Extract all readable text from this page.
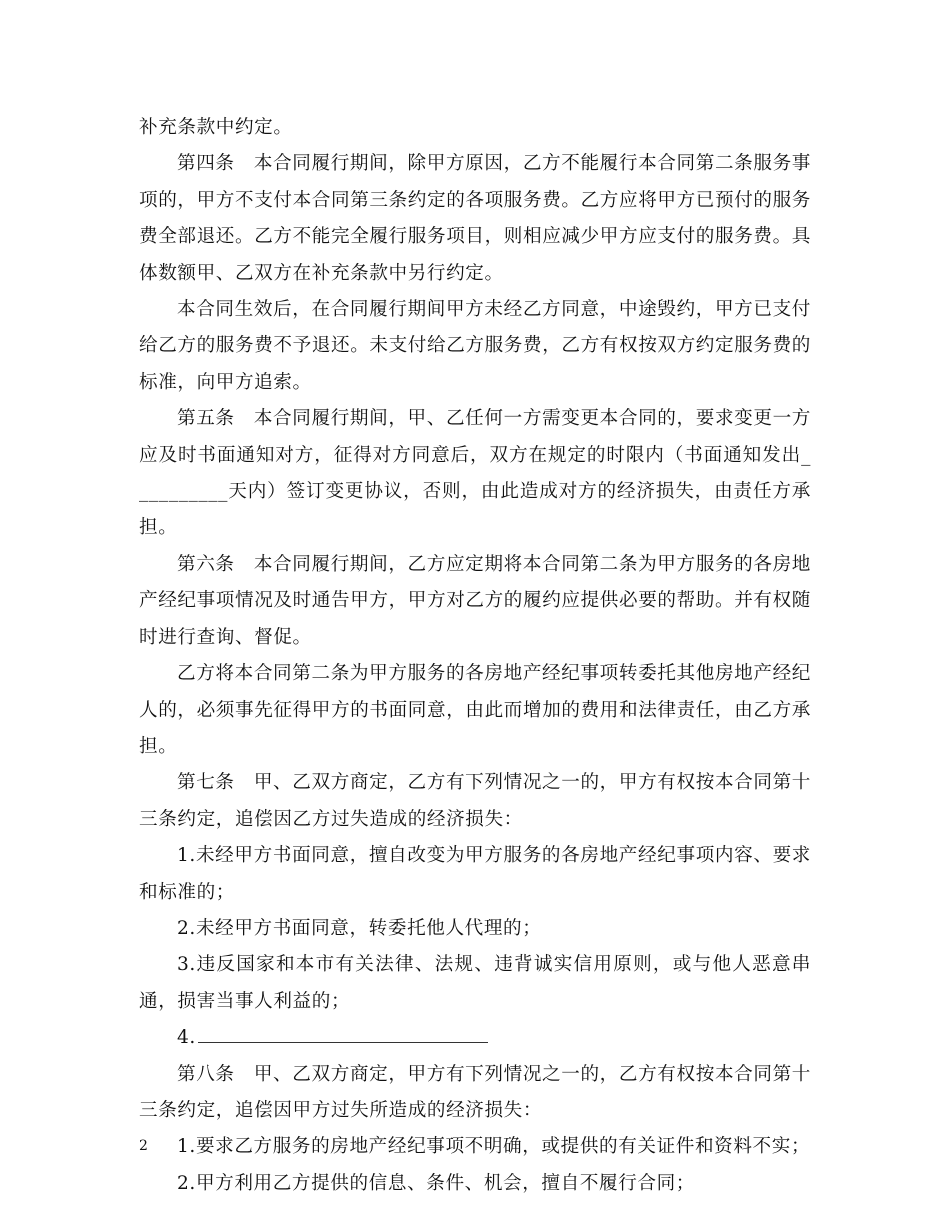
补充条款中约定。

第四条　本合同履行期间，除甲方原因，乙方不能履行本合同第二条服务事项的，甲方不支付本合同第三条约定的各项服务费。乙方应将甲方已预付的服务费全部退还。乙方不能完全履行服务项目，则相应减少甲方应支付的服务费。具体数额甲、乙双方在补充条款中另行约定。

本合同生效后，在合同履行期间甲方未经乙方同意，中途毁约，甲方已支付给乙方的服务费不予退还。未支付给乙方服务费，乙方有权按双方约定服务费的标准，向甲方追索。

第五条　本合同履行期间，甲、乙任何一方需变更本合同的，要求变更一方应及时书面通知对方，征得对方同意后，双方在规定的时限内（书面通知发出__________天内）签订变更协议，否则，由此造成对方的经济损失，由责任方承担。

第六条　本合同履行期间，乙方应定期将本合同第二条为甲方服务的各房地产经纪事项情况及时通告甲方，甲方对乙方的履约应提供必要的帮助。并有权随时进行查询、督促。

乙方将本合同第二条为甲方服务的各房地产经纪事项转委托其他房地产经纪人的，必须事先征得甲方的书面同意，由此而增加的费用和法律责任，由乙方承担。

第七条　甲、乙双方商定，乙方有下列情况之一的，甲方有权按本合同第十三条约定，追偿因乙方过失造成的经济损失：

1.未经甲方书面同意，擅自改变为甲方服务的各房地产经纪事项内容、要求和标准的；

2.未经甲方书面同意，转委托他人代理的；

3.违反国家和本市有关法律、法规、违背诚实信用原则，或与他人恶意串通，损害当事人利益的；

4.

第八条　甲、乙双方商定，甲方有下列情况之一的，乙方有权按本合同第十三条约定，追偿因甲方过失所造成的经济损失：

1.要求乙方服务的房地产经纪事项不明确，或提供的有关证件和资料不实；

2.甲方利用乙方提供的信息、条件、机会，擅自不履行合同；

2
